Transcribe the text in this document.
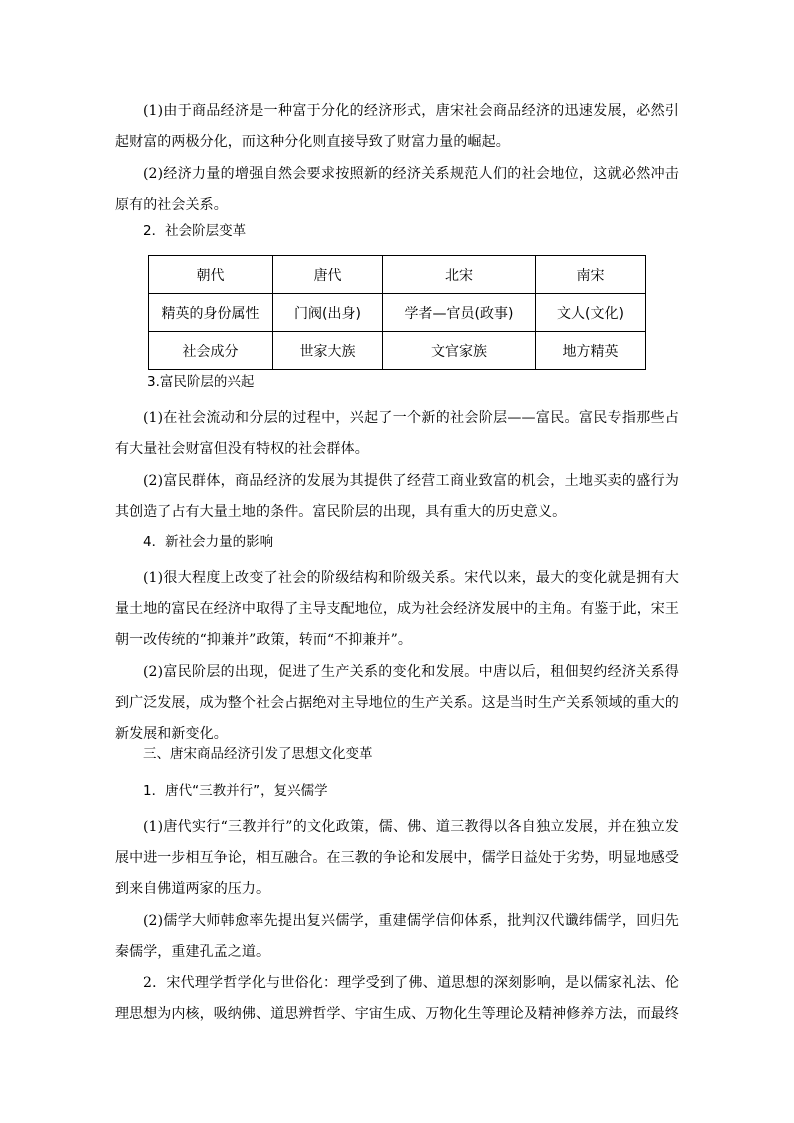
(1)由于商品经济是一种富于分化的经济形式，唐宋社会商品经济的迅速发展，必然引起财富的两极分化，而这种分化则直接导致了财富力量的崛起。

(2)经济力量的增强自然会要求按照新的经济关系规范人们的社会地位，这就必然冲击原有的社会关系。

2．社会阶层变革

朝代	唐代	北宋	南宋
精英的身份属性	门阀(出身)	学者—官员(政事)	文人(文化)
社会成分	世家大族	文官家族	地方精英

3.富民阶层的兴起

(1)在社会流动和分层的过程中，兴起了一个新的社会阶层——富民。富民专指那些占有大量社会财富但没有特权的社会群体。

(2)富民群体，商品经济的发展为其提供了经营工商业致富的机会，土地买卖的盛行为其创造了占有大量土地的条件。富民阶层的出现，具有重大的历史意义。

4．新社会力量的影响

(1)很大程度上改变了社会的阶级结构和阶级关系。宋代以来，最大的变化就是拥有大量土地的富民在经济中取得了主导支配地位，成为社会经济发展中的主角。有鉴于此，宋王朝一改传统的“抑兼并”政策，转而“不抑兼并”。

(2)富民阶层的出现，促进了生产关系的变化和发展。中唐以后，租佃契约经济关系得到广泛发展，成为整个社会占据绝对主导地位的生产关系。这是当时生产关系领域的重大的新发展和新变化。

三、唐宋商品经济引发了思想文化变革

1．唐代“三教并行”，复兴儒学

(1)唐代实行“三教并行”的文化政策，儒、佛、道三教得以各自独立发展，并在独立发展中进一步相互争论，相互融合。在三教的争论和发展中，儒学日益处于劣势，明显地感受到来自佛道两家的压力。

(2)儒学大师韩愈率先提出复兴儒学，重建儒学信仰体系，批判汉代谶纬儒学，回归先秦儒学，重建孔孟之道。

2．宋代理学哲学化与世俗化：理学受到了佛、道思想的深刻影响，是以儒家礼法、伦理思想为内核，吸纳佛、道思辨哲学、宇宙生成、万物化生等理论及精神修养方法，而最终
